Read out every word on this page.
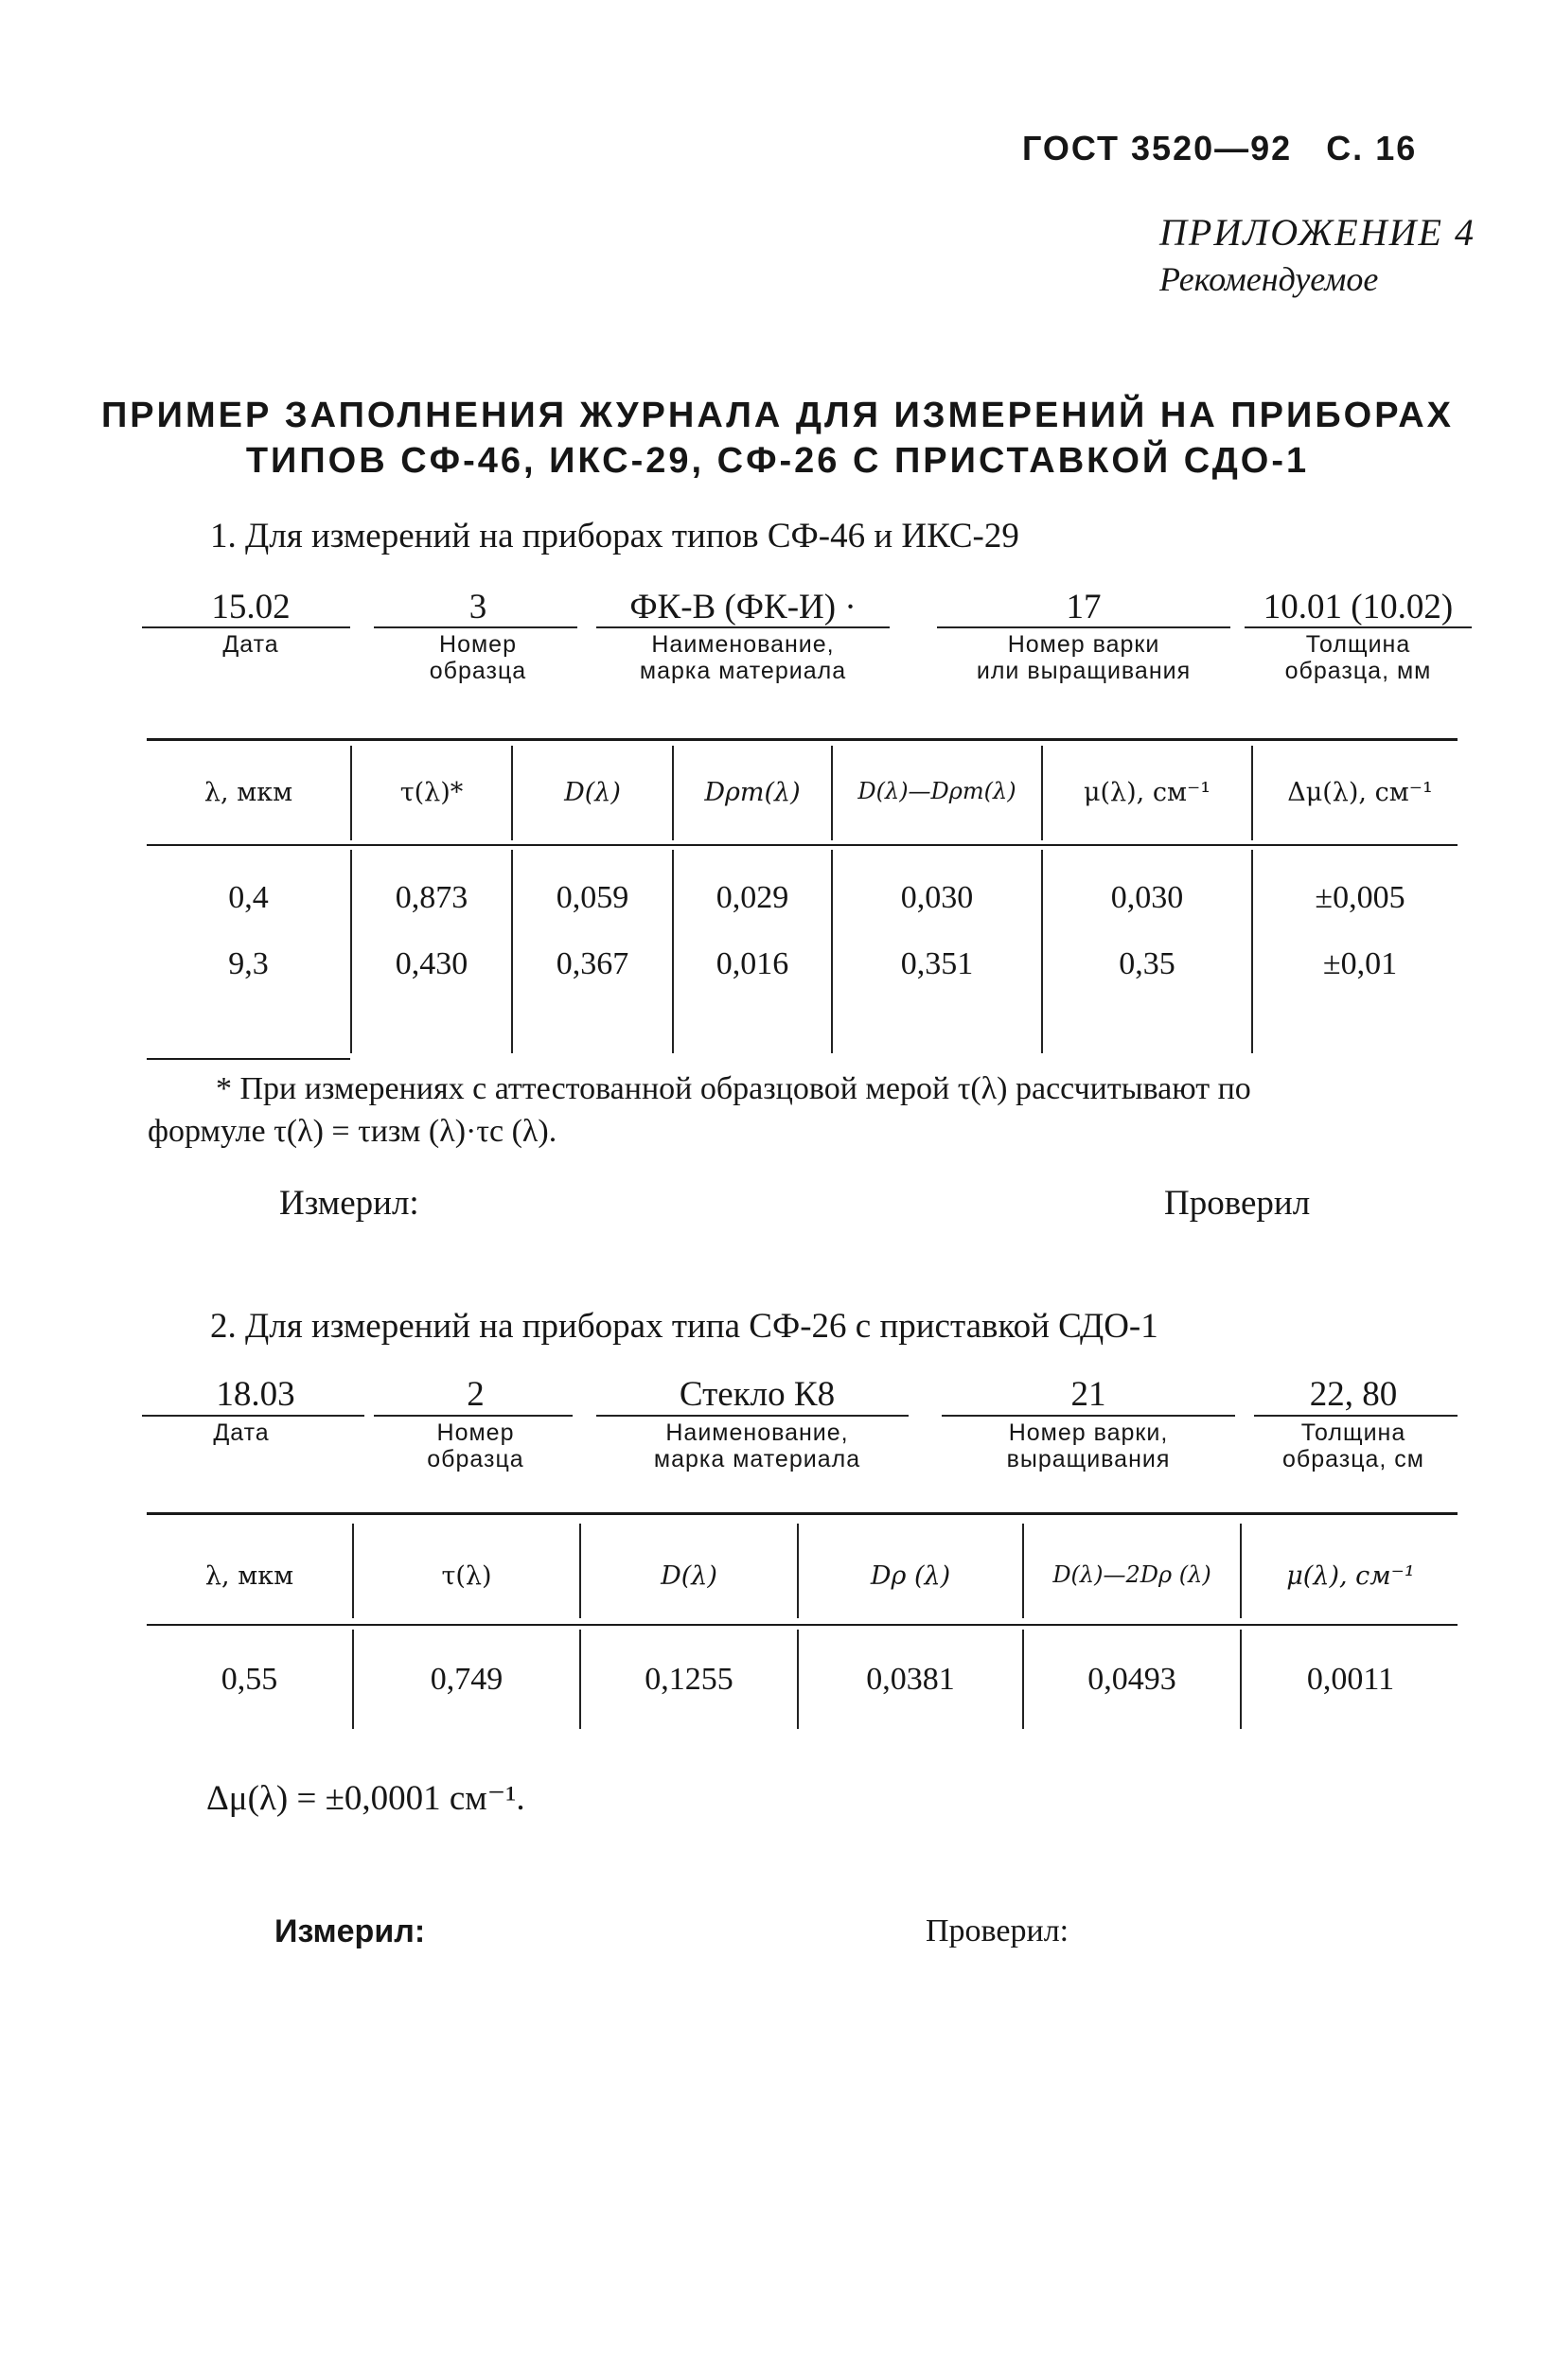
ГОСТ 3520—92 С. 16
ПРИЛОЖЕНИЕ 4
Рекомендуемое
ПРИМЕР ЗАПОЛНЕНИЯ ЖУРНАЛА ДЛЯ ИЗМЕРЕНИЙ НА ПРИБОРАХ
ТИПОВ СФ-46, ИКС-29, СФ-26 С ПРИСТАВКОЙ СДО-1
1. Для измерений на приборах типов СФ-46 и ИКС-29
15.02
Дата
3
Номер
образца
ФК-В (ФК-И) ·
Наименование,
марка материала
17
Номер варки
или выращивания
10.01 (10.02)
Толщина
образца, мм
λ, мкм	τ(λ)*	D(λ)	Dρm(λ)	D(λ)—Dρm(λ)	μ(λ), см⁻¹	Δμ(λ), см⁻¹
0,4	0,873	0,059	0,029	0,030	0,030	±0,005
9,3	0,430	0,367	0,016	0,351	0,35	±0,01
* При измерениях с аттестованной образцовой мерой τ(λ) рассчитывают по
формуле τ(λ) = τизм (λ)·τс (λ).
Измерил:	Проверил
2. Для измерений на приборах типа СФ-26 с приставкой СДО-1
18.03
Дата
2
Номер
образца
Стекло К8
Наименование,
марка материала
21
Номер варки,
выращивания
22, 80
Толщина
образца, см
λ, мкм	τ(λ)	D(λ)	Dρ (λ)	D(λ)—2Dρ (λ)	μ(λ), см⁻¹
0,55	0,749	0,1255	0,0381	0,0493	0,0011
Δμ(λ) = ±0,0001 см⁻¹.
Измерил:	Проверил:
